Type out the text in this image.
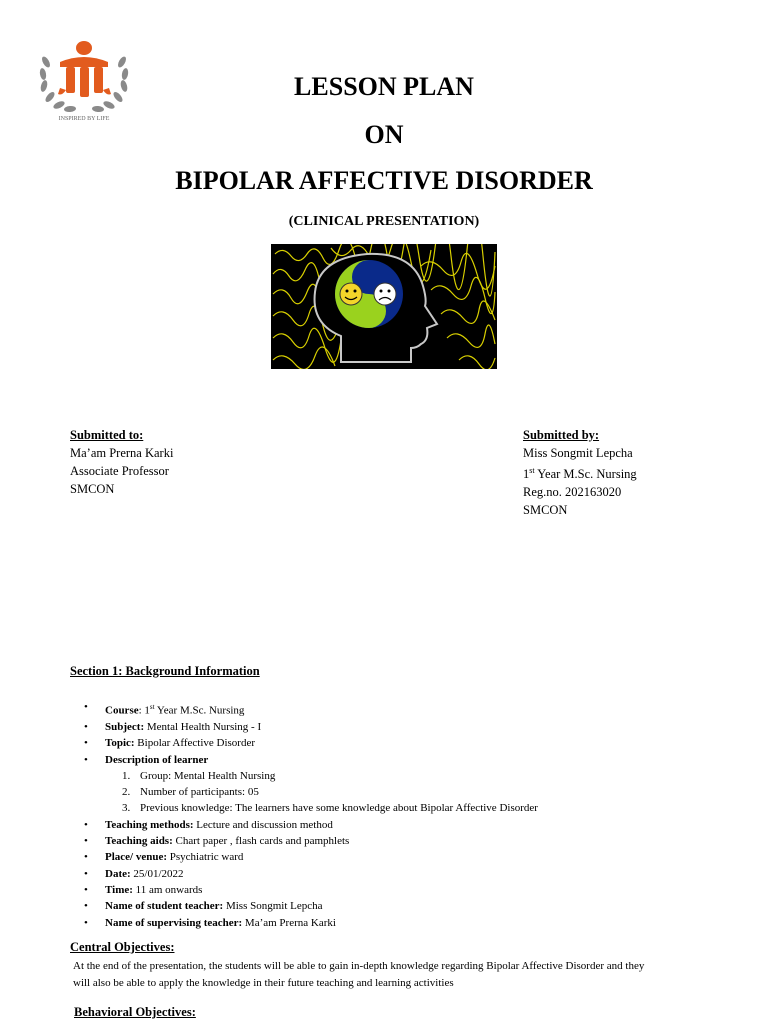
INSPIRED BY LIFE
LESSON PLAN
ON
BIPOLAR AFFECTIVE DISORDER
(CLINICAL PRESENTATION)
Submitted to:
Ma’am Prerna Karki
Associate Professor
SMCON
Submitted by:
Miss Songmit Lepcha
1st Year M.Sc. Nursing
Reg.no. 202163020
SMCON
Section 1: Background Information
• Course: 1st Year M.Sc. Nursing
• Subject: Mental Health Nursing - I
• Topic: Bipolar Affective Disorder
• Description of learner
1. Group: Mental Health Nursing
2. Number of participants: 05
3. Previous knowledge: The learners have some knowledge about Bipolar Affective Disorder
• Teaching methods: Lecture and discussion method
• Teaching aids: Chart paper , flash cards and pamphlets
• Place/ venue: Psychiatric ward
• Date: 25/01/2022
• Time: 11 am onwards
• Name of student teacher: Miss Songmit Lepcha
• Name of supervising teacher: Ma’am Prerna Karki
Central Objectives:
At the end of the presentation, the students will be able to gain in-depth knowledge regarding Bipolar Affective Disorder and they
will also be able to apply the knowledge in their future teaching and learning activities
Behavioral Objectives:
